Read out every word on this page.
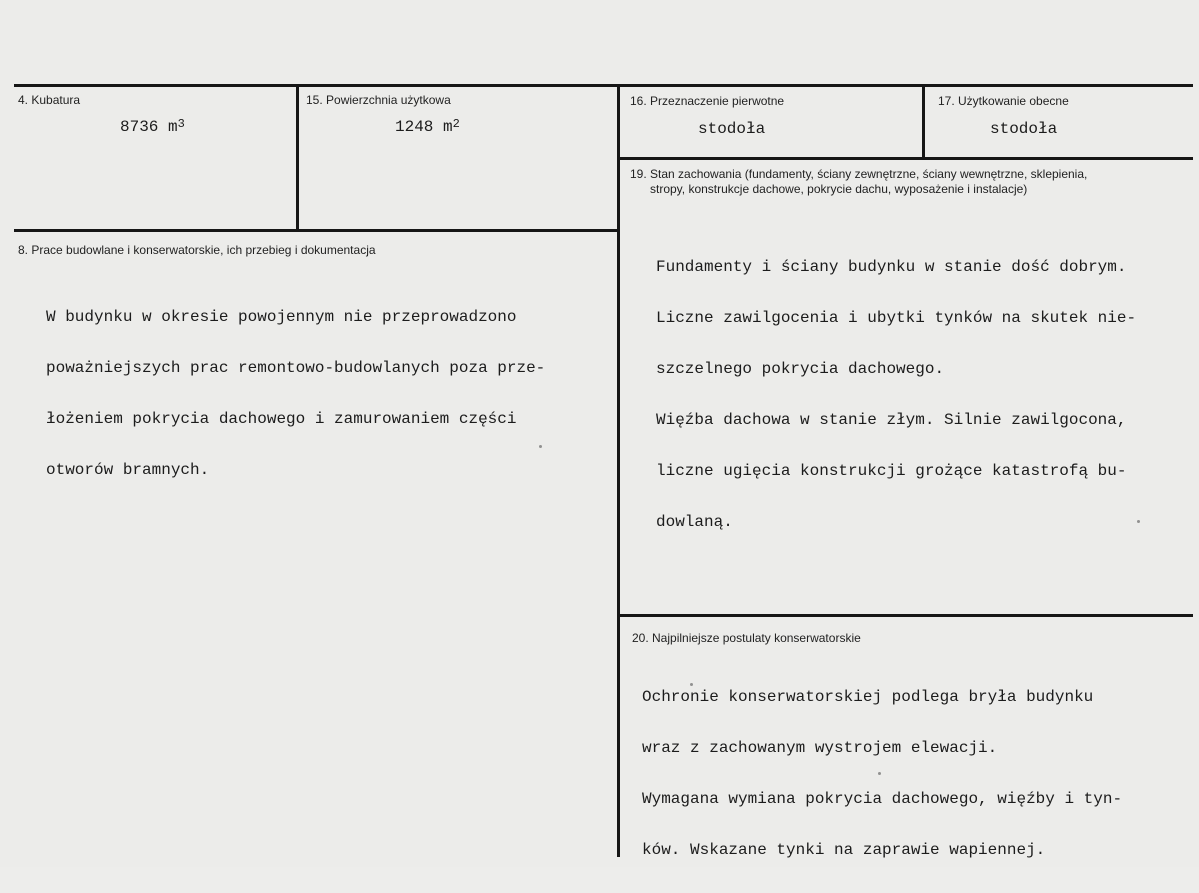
4. Kubatura
8736 $m^3$
15. Powierzchnia użytkowa
1248 $m^2$
16. Przeznaczenie pierwotne
stodoła
17. Użytkowanie obecne
stodoła
8. Prace budowlane i konserwatorskie, ich przebieg i dokumentacja

W budynku w okresie powojennym nie przeprowadzono

poważniejszych prac remontowo-budowlanych poza prze-

łożeniem pokrycia dachowego i zamurowaniem części

otworów bramnych.

19. Stan zachowania (fundamenty, ściany zewnętrzne, ściany wewnętrzne, sklepienia,
stropy, konstrukcje dachowe, pokrycie dachu, wyposażenie i instalacje)

Fundamenty i ściany budynku w stanie dość dobrym.

Liczne zawilgocenia i ubytki tynków na skutek nie-

szczelnego pokrycia dachowego.

Więźba dachowa w stanie złym. Silnie zawilgocona,

liczne ugięcia konstrukcji grożące katastrofą bu-

dowlaną.

20. Najpilniejsze postulaty konserwatorskie

Ochronie konserwatorskiej podlega bryła budynku

wraz z zachowanym wystrojem elewacji.

Wymagana wymiana pokrycia dachowego, więźby i tyn-

ków. Wskazane tynki na zaprawie wapiennej.
